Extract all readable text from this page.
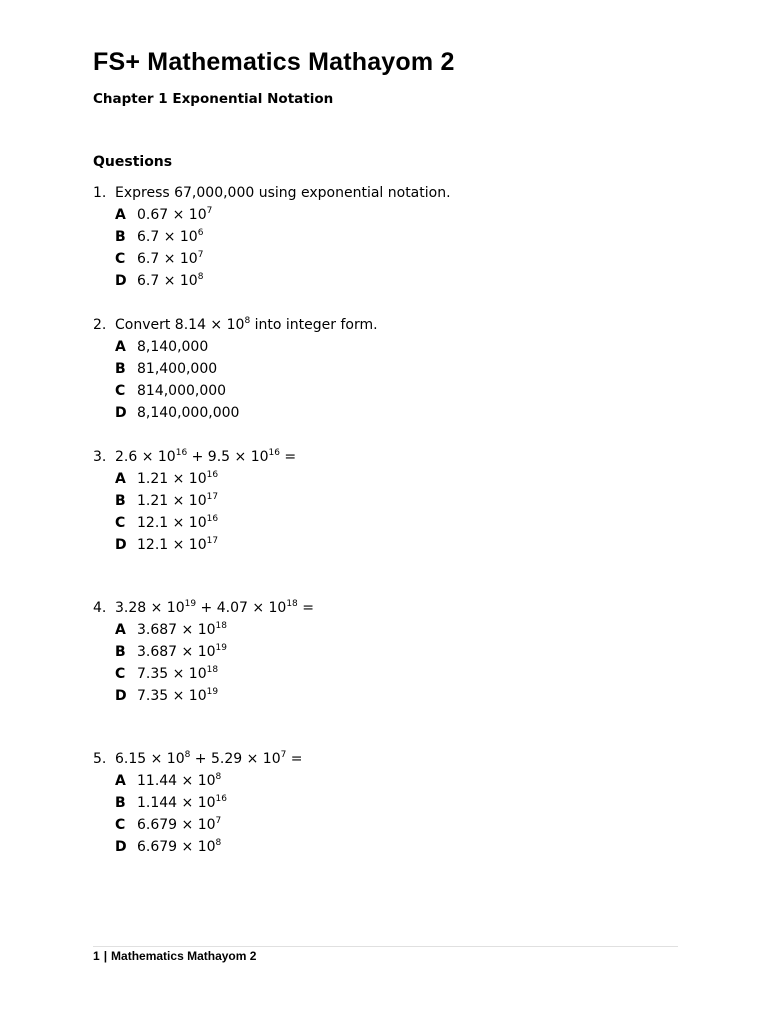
FS+ Mathematics Mathayom 2
Chapter 1 Exponential Notation
Questions
1. Express 67,000,000 using exponential notation.
A $0.67 \times 10^7$
B $6.7 \times 10^6$
C $6.7 \times 10^7$
D $6.7 \times 10^8$
2. Convert $8.14 \times 10^8$ into integer form.
A 8,140,000
B 81,400,000
C 814,000,000
D 8,140,000,000
3. $2.6 \times 10^{16} + 9.5 \times 10^{16}$ =
A $1.21 \times 10^{16}$
B $1.21 \times 10^{17}$
C $12.1 \times 10^{16}$
D $12.1 \times 10^{17}$
4. $3.28 \times 10^{19} + 4.07 \times 10^{18}$ =
A $3.687 \times 10^{18}$
B $3.687 \times 10^{19}$
C $7.35 \times 10^{18}$
D $7.35 \times 10^{19}$
5. $6.15 \times 10^8 + 5.29 \times 10^7$ =
A $11.44 \times 10^8$
B $1.144 \times 10^{16}$
C $6.679 \times 10^7$
D $6.679 \times 10^8$
1 | Mathematics Mathayom 2
